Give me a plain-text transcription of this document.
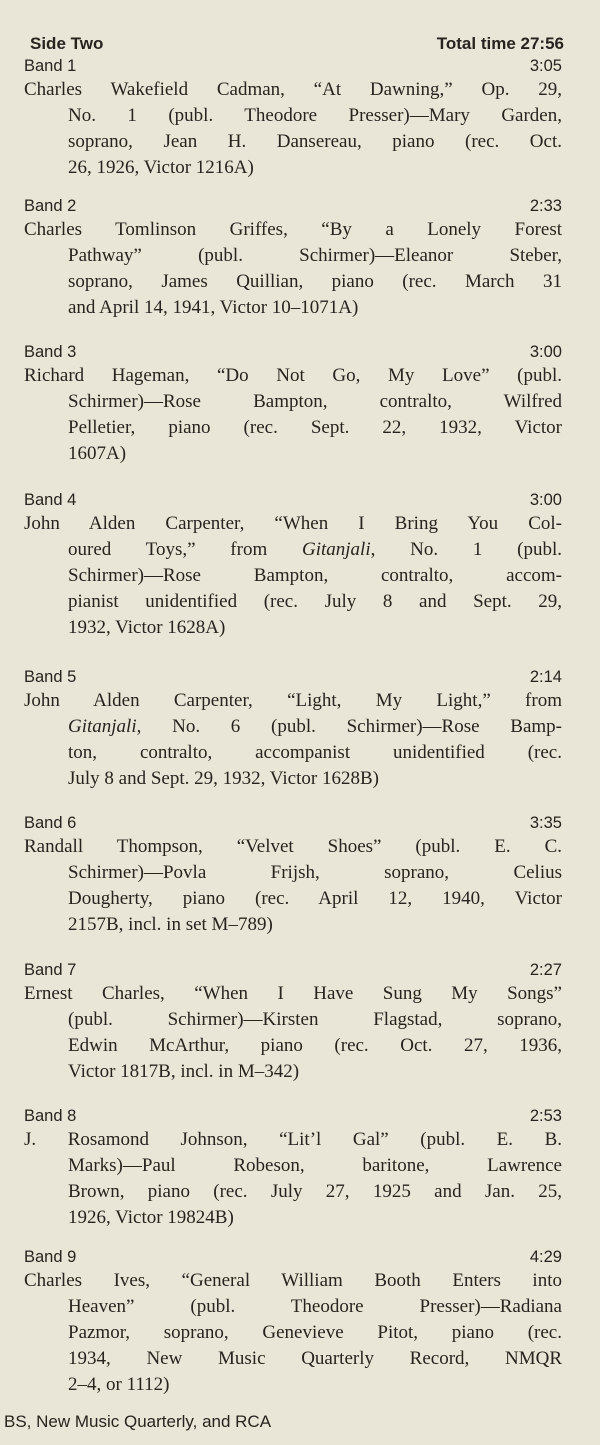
Side Two	Total time 27:56
Band 1	3:05
Charles Wakefield Cadman, “At Dawning,” Op. 29,
No. 1 (publ. Theodore Presser)—Mary Garden,
soprano, Jean H. Dansereau, piano (rec. Oct.
26, 1926, Victor 1216A)
Band 2	2:33
Charles Tomlinson Griffes, “By a Lonely Forest
Pathway” (publ. Schirmer)—Eleanor Steber,
soprano, James Quillian, piano (rec. March 31
and April 14, 1941, Victor 10–1071A)
Band 3	3:00
Richard Hageman, “Do Not Go, My Love” (publ.
Schirmer)—Rose Bampton, contralto, Wilfred
Pelletier, piano (rec. Sept. 22, 1932, Victor
1607A)
Band 4	3:00
John Alden Carpenter, “When I Bring You Col-
oured Toys,” from Gitanjali, No. 1 (publ.
Schirmer)—Rose Bampton, contralto, accom-
pianist unidentified (rec. July 8 and Sept. 29,
1932, Victor 1628A)
Band 5	2:14
John Alden Carpenter, “Light, My Light,” from
Gitanjali, No. 6 (publ. Schirmer)—Rose Bamp-
ton, contralto, accompanist unidentified (rec.
July 8 and Sept. 29, 1932, Victor 1628B)
Band 6	3:35
Randall Thompson, “Velvet Shoes” (publ. E. C.
Schirmer)—Povla Frijsh, soprano, Celius
Dougherty, piano (rec. April 12, 1940, Victor
2157B, incl. in set M–789)
Band 7	2:27
Ernest Charles, “When I Have Sung My Songs”
(publ. Schirmer)—Kirsten Flagstad, soprano,
Edwin McArthur, piano (rec. Oct. 27, 1936,
Victor 1817B, incl. in M–342)
Band 8	2:53
J. Rosamond Johnson, “Lit’l Gal” (publ. E. B.
Marks)—Paul Robeson, baritone, Lawrence
Brown, piano (rec. July 27, 1925 and Jan. 25,
1926, Victor 19824B)
Band 9	4:29
Charles Ives, “General William Booth Enters into
Heaven” (publ. Theodore Presser)—Radiana
Pazmor, soprano, Genevieve Pitot, piano (rec.
1934, New Music Quarterly Record, NMQR
2–4, or 1112)
BS, New Music Quarterly, and RCA
